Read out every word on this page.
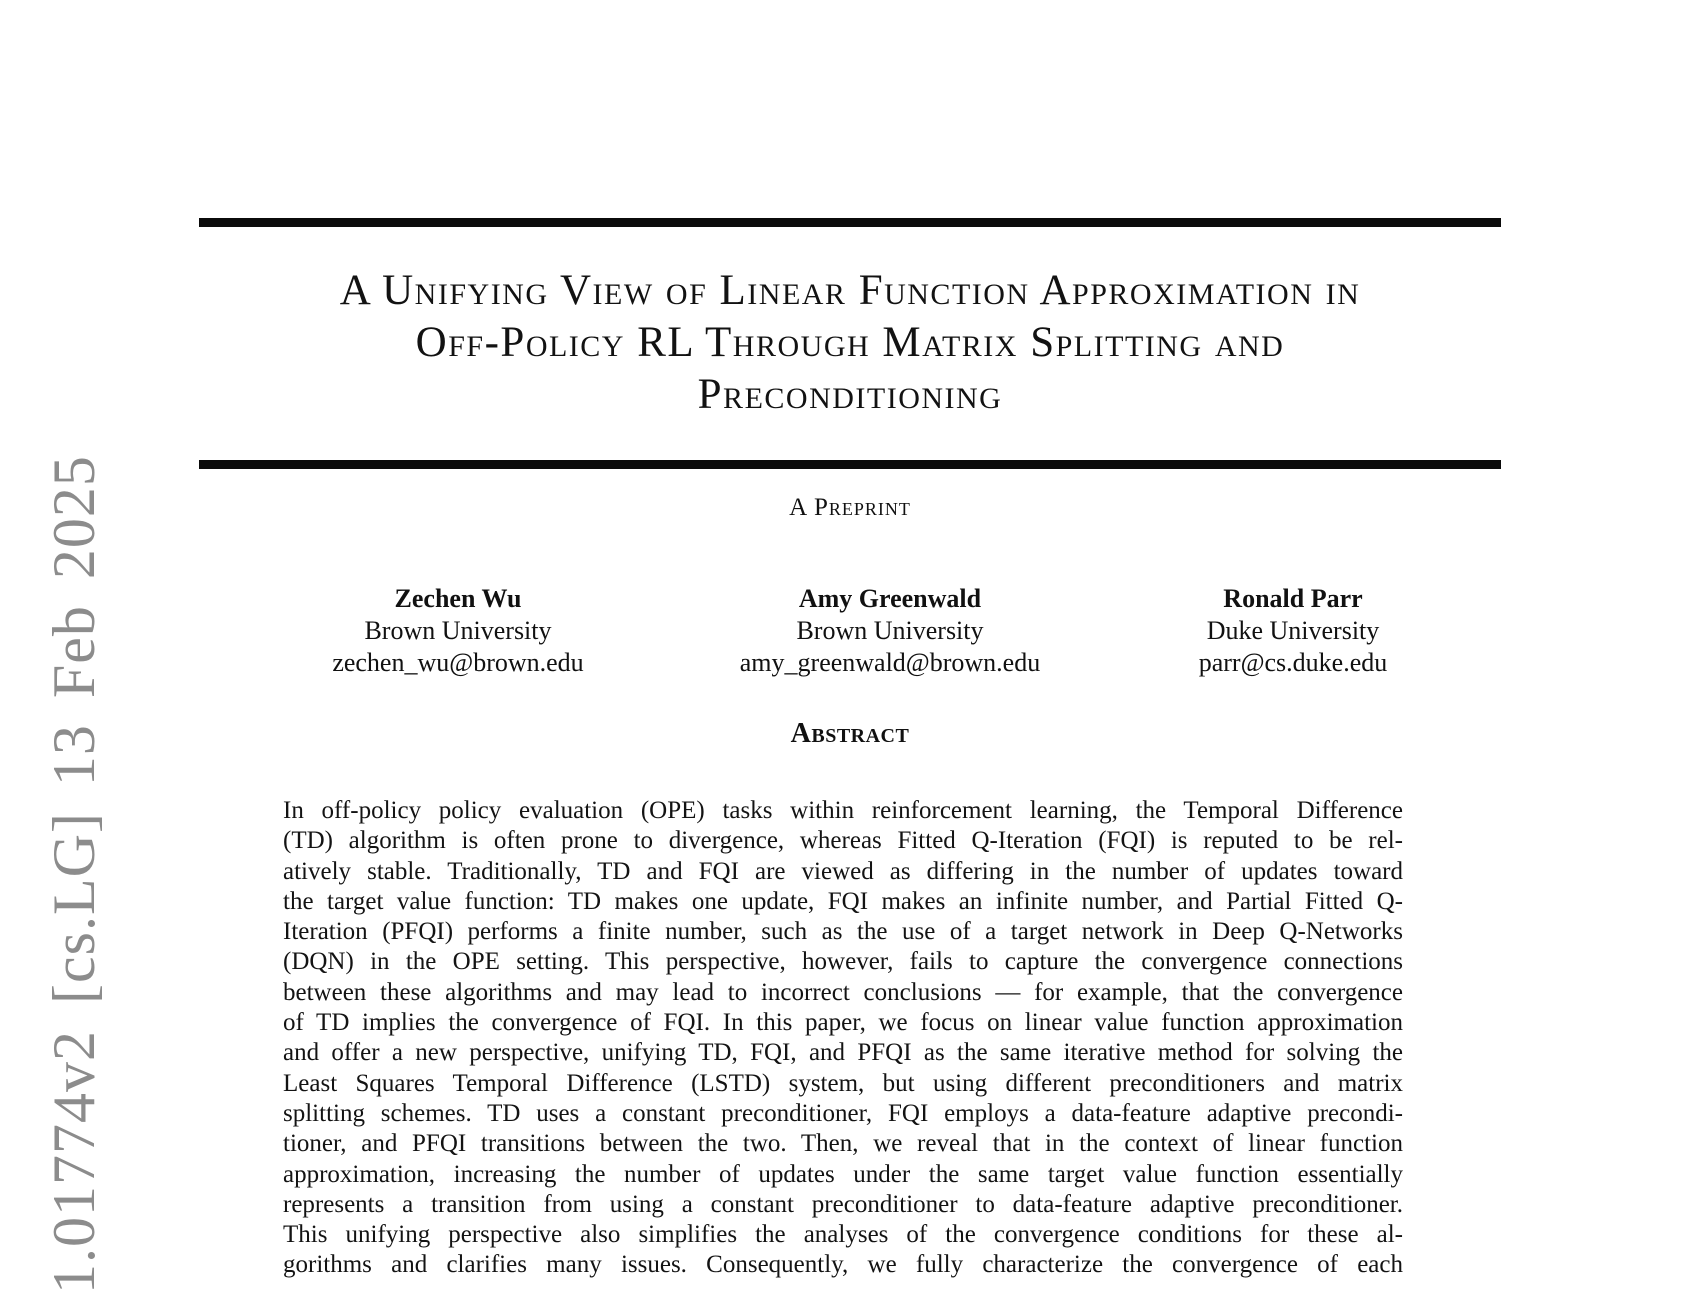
1.01774v2 [cs.LG] 13 Feb 2025
A Unifying View of Linear Function Approximation in
Off-Policy RL Through Matrix Splitting and
Preconditioning
A Preprint
Zechen Wu
Brown University
zechen_wu@brown.edu
Amy Greenwald
Brown University
amy_greenwald@brown.edu
Ronald Parr
Duke University
parr@cs.duke.edu
Abstract
In off-policy policy evaluation (OPE) tasks within reinforcement learning, the Temporal Difference
(TD) algorithm is often prone to divergence, whereas Fitted Q-Iteration (FQI) is reputed to be rel-
atively stable. Traditionally, TD and FQI are viewed as differing in the number of updates toward
the target value function: TD makes one update, FQI makes an infinite number, and Partial Fitted Q-
Iteration (PFQI) performs a finite number, such as the use of a target network in Deep Q-Networks
(DQN) in the OPE setting. This perspective, however, fails to capture the convergence connections
between these algorithms and may lead to incorrect conclusions — for example, that the convergence
of TD implies the convergence of FQI. In this paper, we focus on linear value function approximation
and offer a new perspective, unifying TD, FQI, and PFQI as the same iterative method for solving the
Least Squares Temporal Difference (LSTD) system, but using different preconditioners and matrix
splitting schemes. TD uses a constant preconditioner, FQI employs a data-feature adaptive precondi-
tioner, and PFQI transitions between the two. Then, we reveal that in the context of linear function
approximation, increasing the number of updates under the same target value function essentially
represents a transition from using a constant preconditioner to data-feature adaptive preconditioner.
This unifying perspective also simplifies the analyses of the convergence conditions for these al-
gorithms and clarifies many issues. Consequently, we fully characterize the convergence of each
